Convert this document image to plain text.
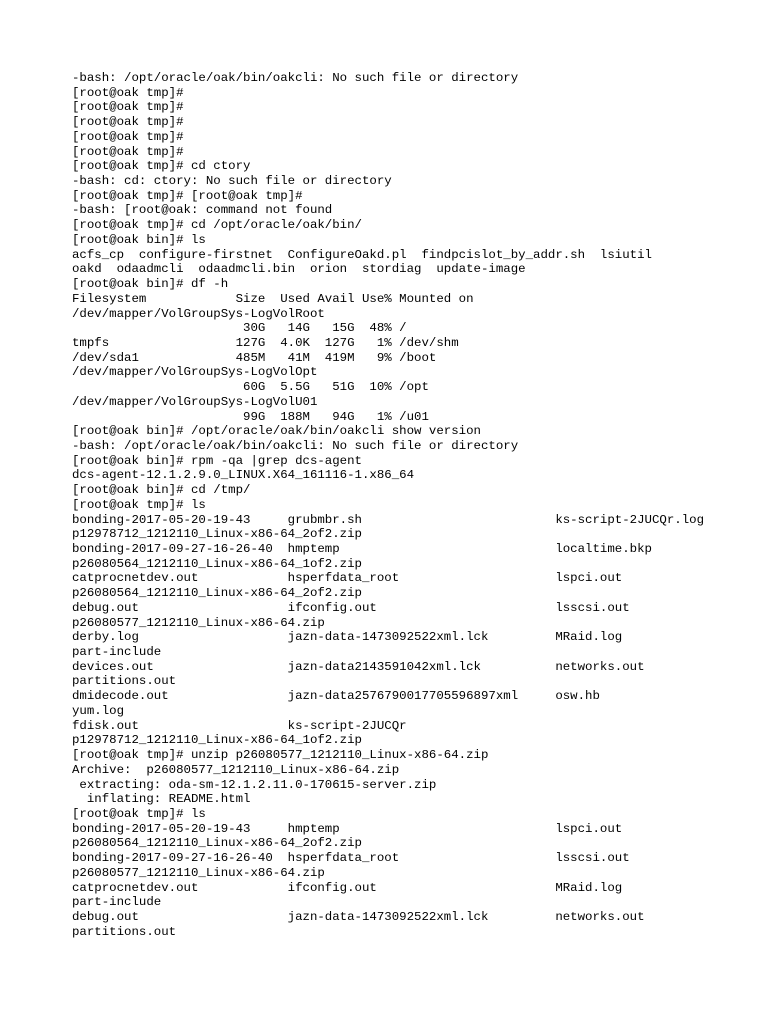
-bash: /opt/oracle/oak/bin/oakcli: No such file or directory
[root@oak tmp]#
[root@oak tmp]#
[root@oak tmp]#
[root@oak tmp]#
[root@oak tmp]#
[root@oak tmp]# cd ctory
-bash: cd: ctory: No such file or directory
[root@oak tmp]# [root@oak tmp]#
-bash: [root@oak: command not found
[root@oak tmp]# cd /opt/oracle/oak/bin/
[root@oak bin]# ls
acfs_cp  configure-firstnet  ConfigureOakd.pl  findpcislot_by_addr.sh  lsiutil
oakd  odaadmcli  odaadmcli.bin  orion  stordiag  update-image
[root@oak bin]# df -h
Filesystem            Size  Used Avail Use% Mounted on
/dev/mapper/VolGroupSys-LogVolRoot
30G   14G   15G  48% /
tmpfs                 127G  4.0K  127G   1% /dev/shm
/dev/sda1             485M   41M  419M   9% /boot
/dev/mapper/VolGroupSys-LogVolOpt
60G  5.5G   51G  10% /opt
/dev/mapper/VolGroupSys-LogVolU01
99G  188M   94G   1% /u01
[root@oak bin]# /opt/oracle/oak/bin/oakcli show version
-bash: /opt/oracle/oak/bin/oakcli: No such file or directory
[root@oak bin]# rpm -qa |grep dcs-agent
dcs-agent-12.1.2.9.0_LINUX.X64_161116-1.x86_64
[root@oak bin]# cd /tmp/
[root@oak tmp]# ls
bonding-2017-05-20-19-43     grubmbr.sh                          ks-script-2JUCQr.log
p12978712_1212110_Linux-x86-64_2of2.zip
bonding-2017-09-27-16-26-40  hmptemp                             localtime.bkp
p26080564_1212110_Linux-x86-64_1of2.zip
catprocnetdev.out            hsperfdata_root                     lspci.out
p26080564_1212110_Linux-x86-64_2of2.zip
debug.out                    ifconfig.out                        lsscsi.out
p26080577_1212110_Linux-x86-64.zip
derby.log                    jazn-data-1473092522xml.lck         MRaid.log
part-include
devices.out                  jazn-data2143591042xml.lck          networks.out
partitions.out
dmidecode.out                jazn-data2576790017705596897xml     osw.hb
yum.log
fdisk.out                    ks-script-2JUCQr
p12978712_1212110_Linux-x86-64_1of2.zip
[root@oak tmp]# unzip p26080577_1212110_Linux-x86-64.zip
Archive:  p26080577_1212110_Linux-x86-64.zip
extracting: oda-sm-12.1.2.11.0-170615-server.zip
inflating: README.html
[root@oak tmp]# ls
bonding-2017-05-20-19-43     hmptemp                             lspci.out
p26080564_1212110_Linux-x86-64_2of2.zip
bonding-2017-09-27-16-26-40  hsperfdata_root                     lsscsi.out
p26080577_1212110_Linux-x86-64.zip
catprocnetdev.out            ifconfig.out                        MRaid.log
part-include
debug.out                    jazn-data-1473092522xml.lck         networks.out
partitions.out
